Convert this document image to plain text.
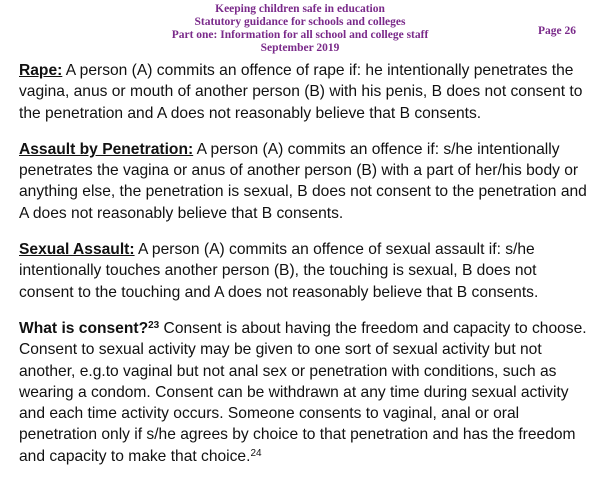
Keeping children safe in education
Statutory guidance for schools and colleges
Part one: Information for all school and college staff
September 2019
Page 26

Rape: A person (A) commits an offence of rape if: he intentionally penetrates the vagina, anus or mouth of another person (B) with his penis, B does not consent to the penetration and A does not reasonably believe that B consents.

Assault by Penetration: A person (A) commits an offence if: s/he intentionally penetrates the vagina or anus of another person (B) with a part of her/his body or anything else, the penetration is sexual, B does not consent to the penetration and A does not reasonably believe that B consents.

Sexual Assault: A person (A) commits an offence of sexual assault if: s/he intentionally touches another person (B), the touching is sexual, B does not consent to the touching and A does not reasonably believe that B consents.

What is consent?$^{23}$ Consent is about having the freedom and capacity to choose. Consent to sexual activity may be given to one sort of sexual activity but not another, e.g.to vaginal but not anal sex or penetration with conditions, such as wearing a condom. Consent can be withdrawn at any time during sexual activity and each time activity occurs. Someone consents to vaginal, anal or oral penetration only if s/he agrees by choice to that penetration and has the freedom and capacity to make that choice.$^{24}$
